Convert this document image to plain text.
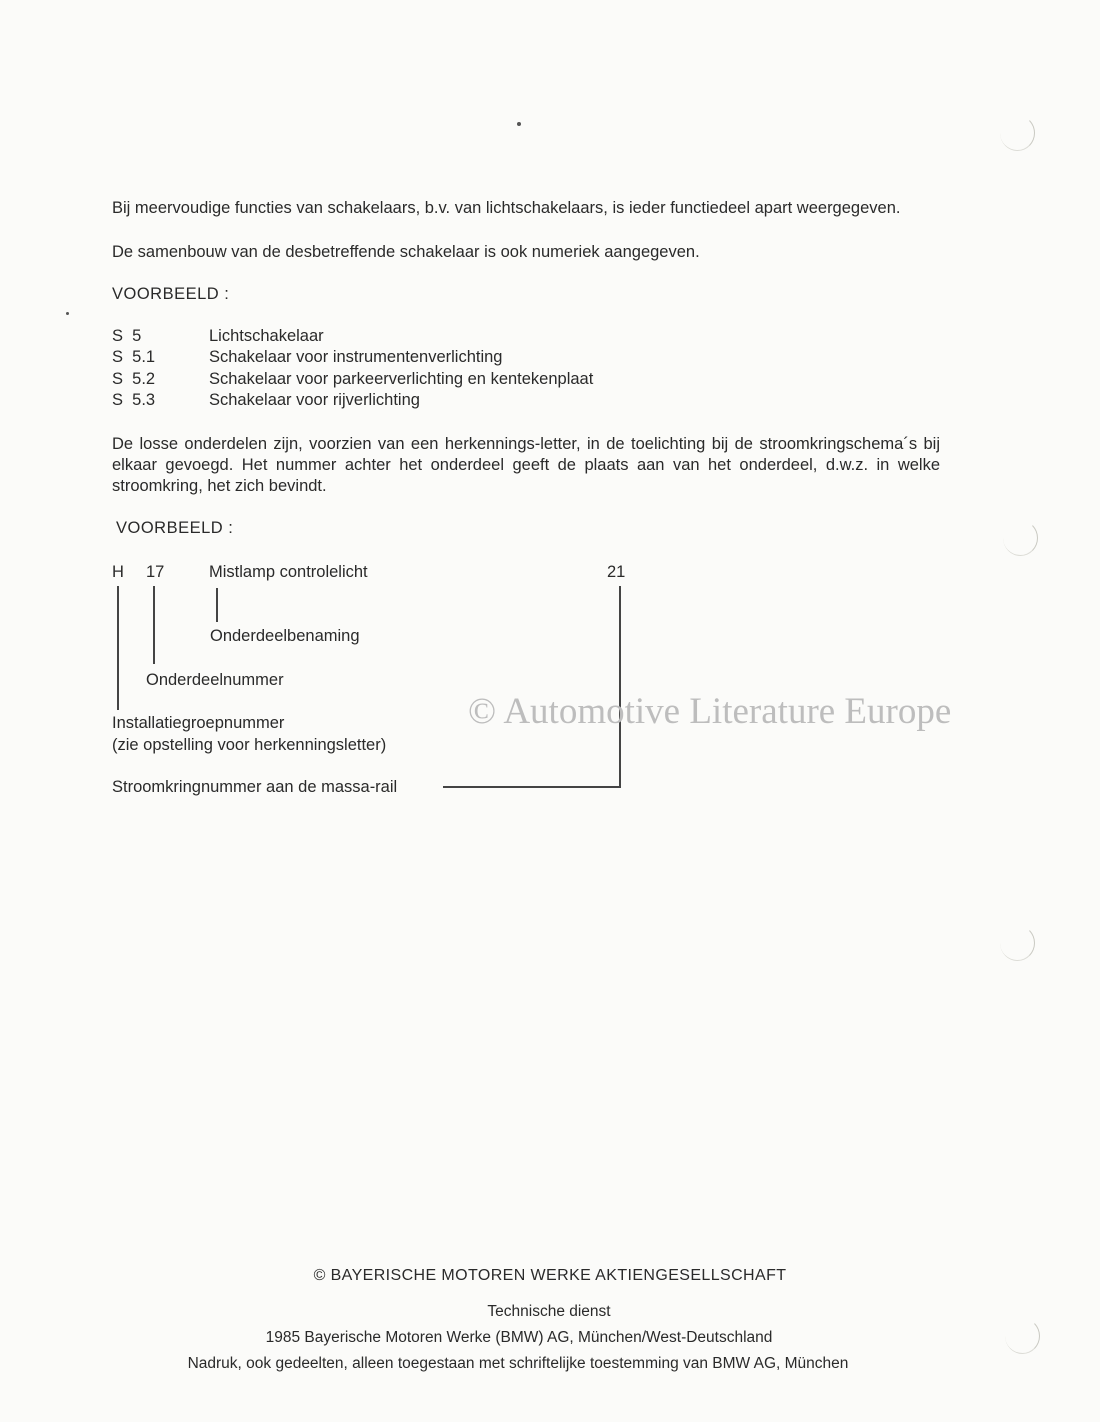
Bij meervoudige functies van schakelaars, b.v. van lichtschakelaars, is ieder functiedeel apart weergegeven.
De samenbouw van de desbetreffende schakelaar is ook numeriek aangegeven.
VOORBEELD :
S  5	Lichtschakelaar
S  5.1	Schakelaar voor instrumentenverlichting
S  5.2	Schakelaar voor parkeerverlichting en kentekenplaat
S  5.3	Schakelaar voor rijverlichting
De losse onderdelen zijn, voorzien van een herkennings-letter, in de toelichting bij de stroomkringschema´s bij elkaar gevoegd. Het nummer achter het onderdeel geeft de plaats aan van het onderdeel, d.w.z. in welke stroomkring, het zich bevindt.
VOORBEELD :
H 17	Mistlamp controlelicht	21
Onderdeelbenaming
Onderdeelnummer
Installatiegroepnummer
(zie opstelling voor herkenningsletter)
Stroomkringnummer aan de massa-rail
© Automotive Literature Europe
© BAYERISCHE MOTOREN WERKE AKTIENGESELLSCHAFT
Technische dienst
1985 Bayerische Motoren Werke (BMW) AG, München/West-Deutschland
Nadruk, ook gedeelten, alleen toegestaan met schriftelijke toestemming van BMW AG, München
